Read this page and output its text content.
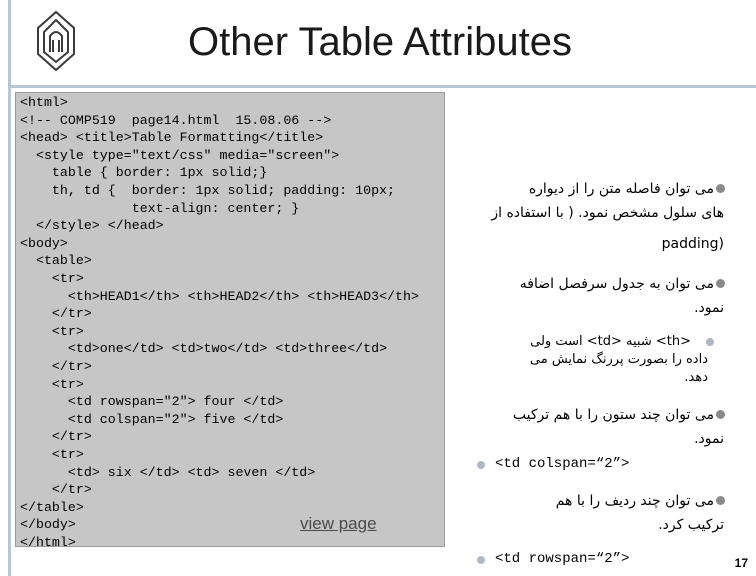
Other Table Attributes
<html>
<!-- COMP519  page14.html  15.08.06 -->
<head> <title>Table Formatting</title>
<style type="text/css" media="screen">
table { border: 1px solid;}
th, td {  border: 1px solid; padding: 10px;
text-align: center; }
</style> </head>
<body>
<table>
<tr>
<th>HEAD1</th> <th>HEAD2</th> <th>HEAD3</th>
</tr>
<tr>
<td>one</td> <td>two</td> <td>three</td>
</tr>
<tr>
<td rowspan="2"> four </td>
<td colspan="2"> five </td>
</tr>
<tr>
<td> six </td> <td> seven </td>
</tr>
</table>
</body>
</html>
view page
می توان فاصله متن را از دیواره
های سلول مشخص نمود. ( با استفاده از
(padding
می توان به جدول سرفصل اضافه
نمود.
<th> شبیه <td> است ولی
داده را بصورت پررنگ نمایش می
دهد.
می توان چند ستون را با هم ترکیب
نمود.
<td colspan=“2”>
می توان چند ردیف را با هم
ترکیب کرد.
<td rowspan=“2”>	17
